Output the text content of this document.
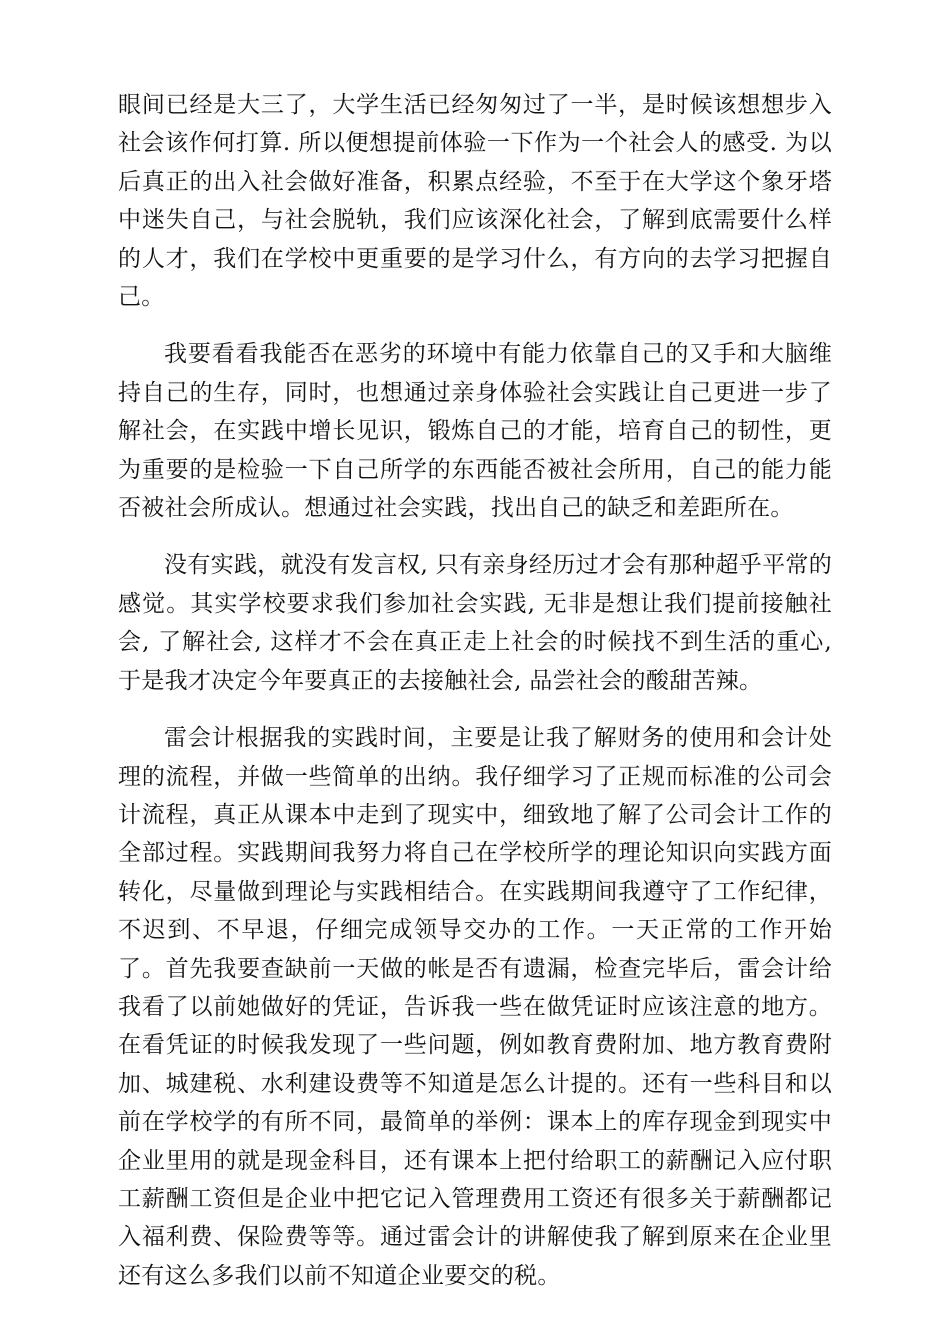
眼间已经是大三了，大学生活已经匆匆过了一半，是时候该想想步入社会该作何打算. 所以便想提前体验一下作为一个社会人的感受. 为以后真正的出入社会做好准备，积累点经验，不至于在大学这个象牙塔中迷失自己，与社会脱轨，我们应该深化社会，了解到底需要什么样的人才，我们在学校中更重要的是学习什么，有方向的去学习把握自己。

我要看看我能否在恶劣的环境中有能力依靠自己的又手和大脑维持自己的生存，同时，也想通过亲身体验社会实践让自己更进一步了解社会，在实践中增长见识，锻炼自己的才能，培育自己的韧性，更为重要的是检验一下自己所学的东西能否被社会所用，自己的能力能否被社会所成认。想通过社会实践，找出自己的缺乏和差距所在。

没有实践，就没有发言权, 只有亲身经历过才会有那种超乎平常的感觉。其实学校要求我们参加社会实践, 无非是想让我们提前接触社会, 了解社会, 这样才不会在真正走上社会的时候找不到生活的重心, 于是我才决定今年要真正的去接触社会, 品尝社会的酸甜苦辣。

雷会计根据我的实践时间，主要是让我了解财务的使用和会计处理的流程，并做一些简单的出纳。我仔细学习了正规而标准的公司会计流程，真正从课本中走到了现实中，细致地了解了公司会计工作的全部过程。实践期间我努力将自己在学校所学的理论知识向实践方面转化，尽量做到理论与实践相结合。在实践期间我遵守了工作纪律，不迟到、不早退，仔细完成领导交办的工作。一天正常的工作开始了。首先我要查缺前一天做的帐是否有遗漏，检查完毕后，雷会计给我看了以前她做好的凭证，告诉我一些在做凭证时应该注意的地方。在看凭证的时候我发现了一些问题，例如教育费附加、地方教育费附加、城建税、水利建设费等不知道是怎么计提的。还有一些科目和以前在学校学的有所不同，最简单的举例：课本上的库存现金到现实中企业里用的就是现金科目，还有课本上把付给职工的薪酬记入应付职工薪酬工资但是企业中把它记入管理费用工资还有很多关于薪酬都记入福利费、保险费等等。通过雷会计的讲解使我了解到原来在企业里还有这么多我们以前不知道企业要交的税。
